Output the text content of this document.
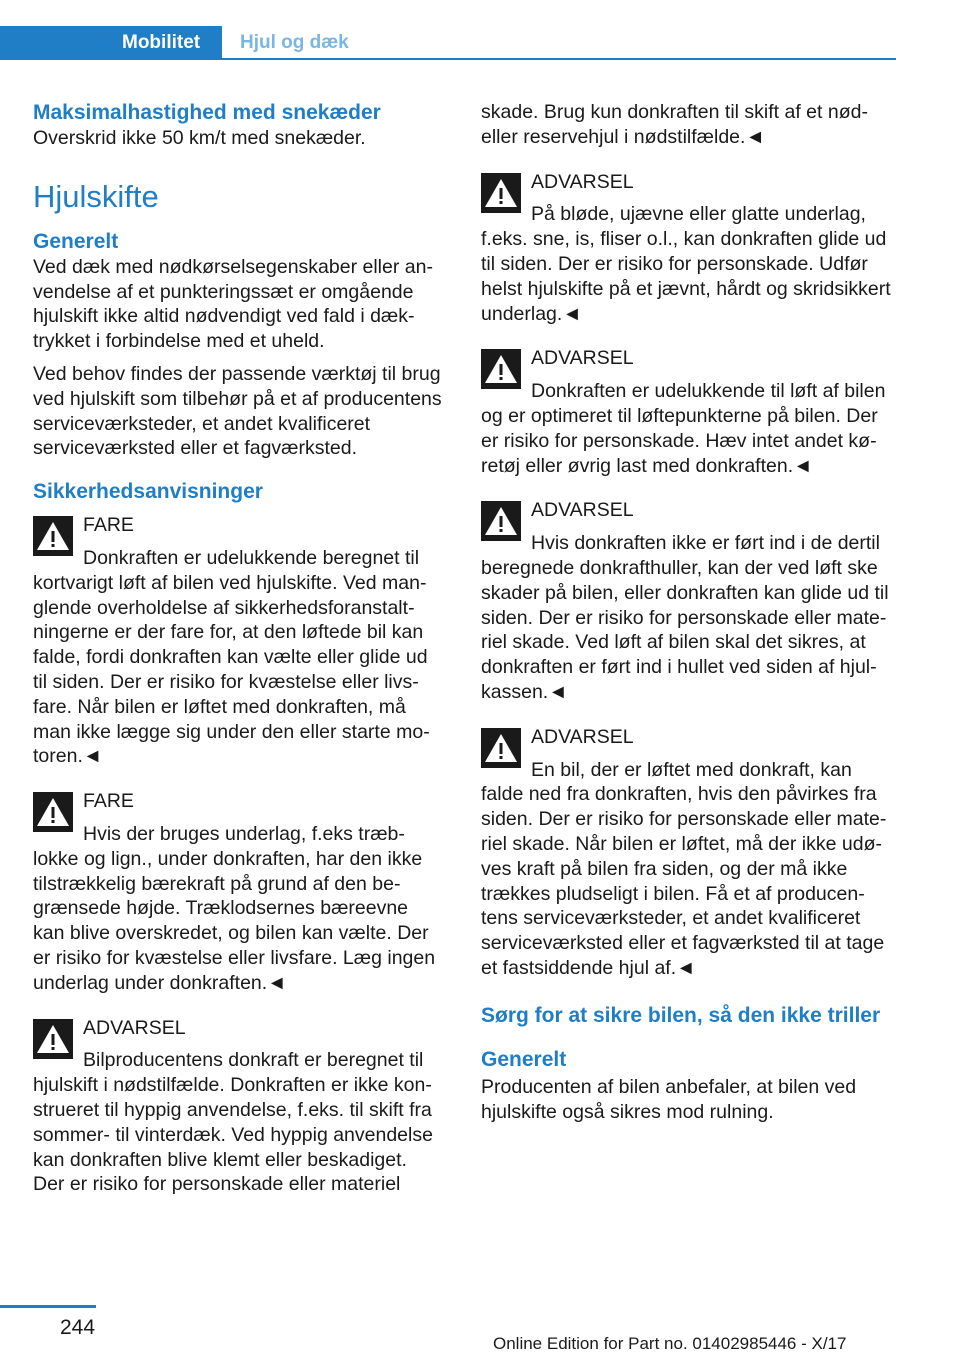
Mobilitet Hjul og dæk
Maksimalhastighed med snekæder

Overskrid ikke 50 km/t med snekæder.

Hjulskifte
Generelt

Ved dæk med nødkørselsegenskaber eller anvendelse af et punkteringssæt er omgående hjulskift ikke altid nødvendigt ved fald i dæktrykket i forbindelse med et uheld.

Ved behov findes der passende værktøj til brug ved hjulskift som tilbehør på et af producentens serviceværksteder, et andet kvalificeret serviceværksted eller et fagværksted.

Sikkerhedsanvisninger
FARE
Donkraften er udelukkende beregnet til kortvarigt løft af bilen ved hjulskifte. Ved manglende overholdelse af sikkerhedsforanstaltningerne er der fare for, at den løftede bil kan falde, fordi donkraften kan vælte eller glide ud til siden. Der er risiko for kvæstelse eller livsfare. Når bilen er løftet med donkraften, må man ikke lægge sig under den eller starte motoren.◄
FARE
Hvis der bruges underlag, f.eks træblokke og lign., under donkraften, har den ikke tilstrækkelig bærekraft på grund af den begrænsede højde. Træklodsernes bæreevne kan blive overskredet, og bilen kan vælte. Der er risiko for kvæstelse eller livsfare. Læg ingen underlag under donkraften.◄
ADVARSEL
Bilproducentens donkraft er beregnet til hjulskift i nødstilfælde. Donkraften er ikke konstrueret til hyppig anvendelse, f.eks. til skift fra sommer- til vinterdæk. Ved hyppig anvendelse kan donkraften blive klemt eller beskadiget. Der er risiko for personskade eller materiel

skade. Brug kun donkraften til skift af et nødeller reservehjul i nødstilfælde.◄

ADVARSEL
På bløde, ujævne eller glatte underlag, f.eks. sne, is, fliser o.l., kan donkraften glide ud til siden. Der er risiko for personskade. Udfør helst hjulskifte på et jævnt, hårdt og skridsikkert underlag.◄
ADVARSEL
Donkraften er udelukkende til løft af bilen og er optimeret til løftepunkterne på bilen. Der er risiko for personskade. Hæv intet andet køretøj eller øvrig last med donkraften.◄
ADVARSEL
Hvis donkraften ikke er ført ind i de dertil beregnede donkrafthuller, kan der ved løft ske skader på bilen, eller donkraften kan glide ud til siden. Der er risiko for personskade eller materiel skade. Ved løft af bilen skal det sikres, at donkraften er ført ind i hullet ved siden af hjulkassen.◄
ADVARSEL
En bil, der er løftet med donkraft, kan falde ned fra donkraften, hvis den påvirkes fra siden. Der er risiko for personskade eller materiel skade. Når bilen er løftet, må der ikke udøves kraft på bilen fra siden, og der må ikke trækkes pludseligt i bilen. Få et af producentens serviceværksteder, et andet kvalificeret serviceværksted eller et fagværksted til at tage et fastsiddende hjul af.◄
Sørg for at sikre bilen, så den ikke triller
Generelt

Producenten af bilen anbefaler, at bilen ved hjulskifte også sikres mod rulning.

244
Online Edition for Part no. 01402985446 - X/17
